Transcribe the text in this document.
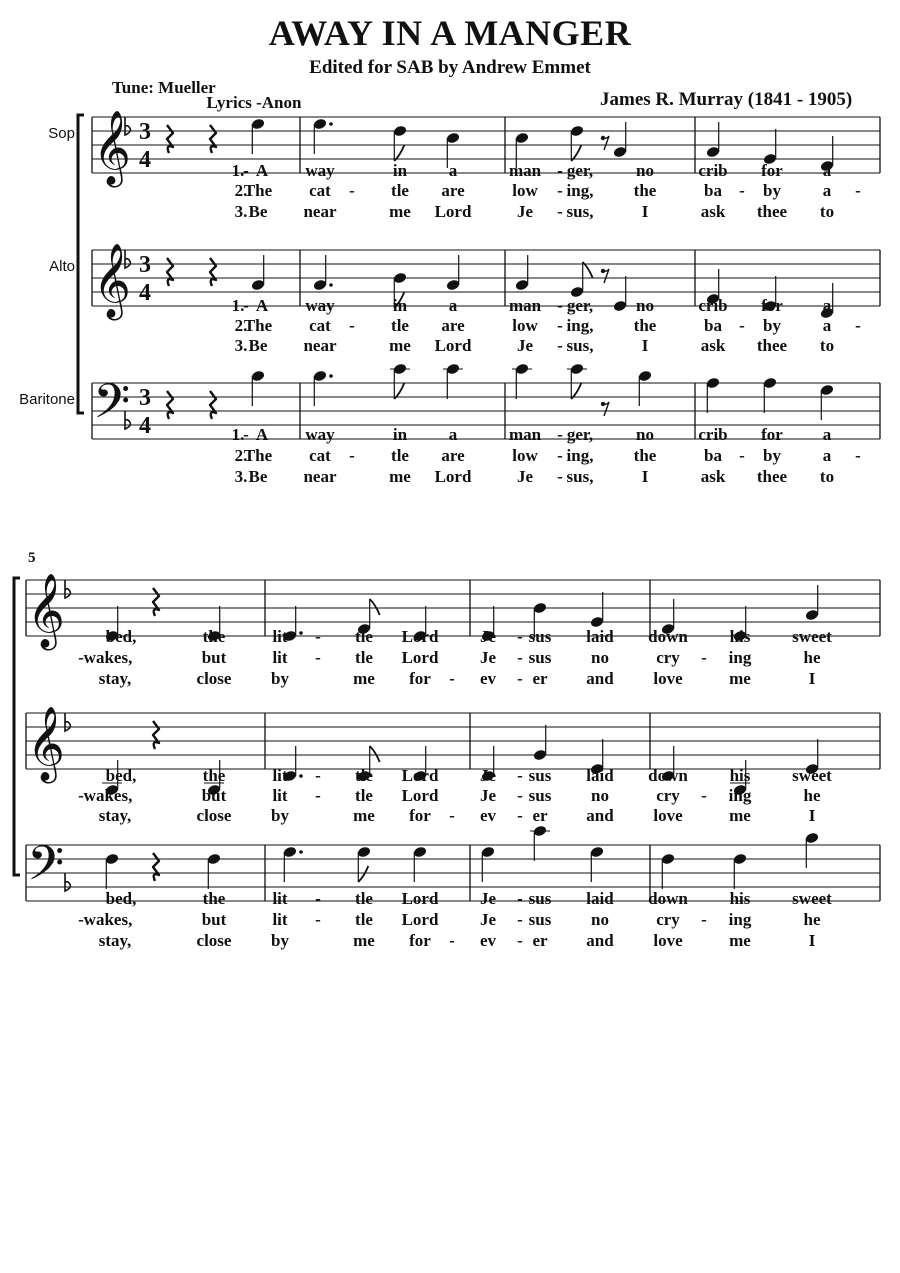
AWAY IN A MANGER
Edited for SAB by Andrew Emmet
Tune: Mueller
Lyrics -Anon	James R. Murray (1841 - 1905)
Sop
Alto
Baritone
5
𝄞 3
4
𝄞 3
4
𝄢 3
4
𝄞
𝄞
𝄢
1. A
-	way	in a	man - ger,	no	crib for a
2.
The cat - tle are	low - ing, the	ba - by a -
3. Be near	me Lord	Je - sus,	I	ask thee to
1. A
-	way	in a	man - ger,	no	crib for a
2.
The cat - tle are	low - ing, the	ba - by a -
3. Be near	me Lord	Je - sus,	I	ask thee to
1. A
-	way	in a	man - ger,	no	crib for a
2.
The cat - tle are	low - ing, the	ba - by a -
3. Be near	me Lord	Je - sus,	I	ask thee to
bed,	the	lit - tle Lord Je - sus laid down his sweet
- wakes,	but	lit - tle Lord Je - sus no	cry - ing	he
stay,	close by	me for - ev - er and love	me	I
bed,	the	lit - tle Lord Je - sus laid down his sweet
- wakes,	but	lit - tle Lord Je - sus no	cry - ing	he
stay,	close by	me for - ev - er and love	me	I
bed,	the	lit - tle Lord Je - sus laid down his sweet
- wakes,	but	lit - tle Lord Je - sus no	cry - ing	he
stay,	close by	me for - ev - er and love	me	I
